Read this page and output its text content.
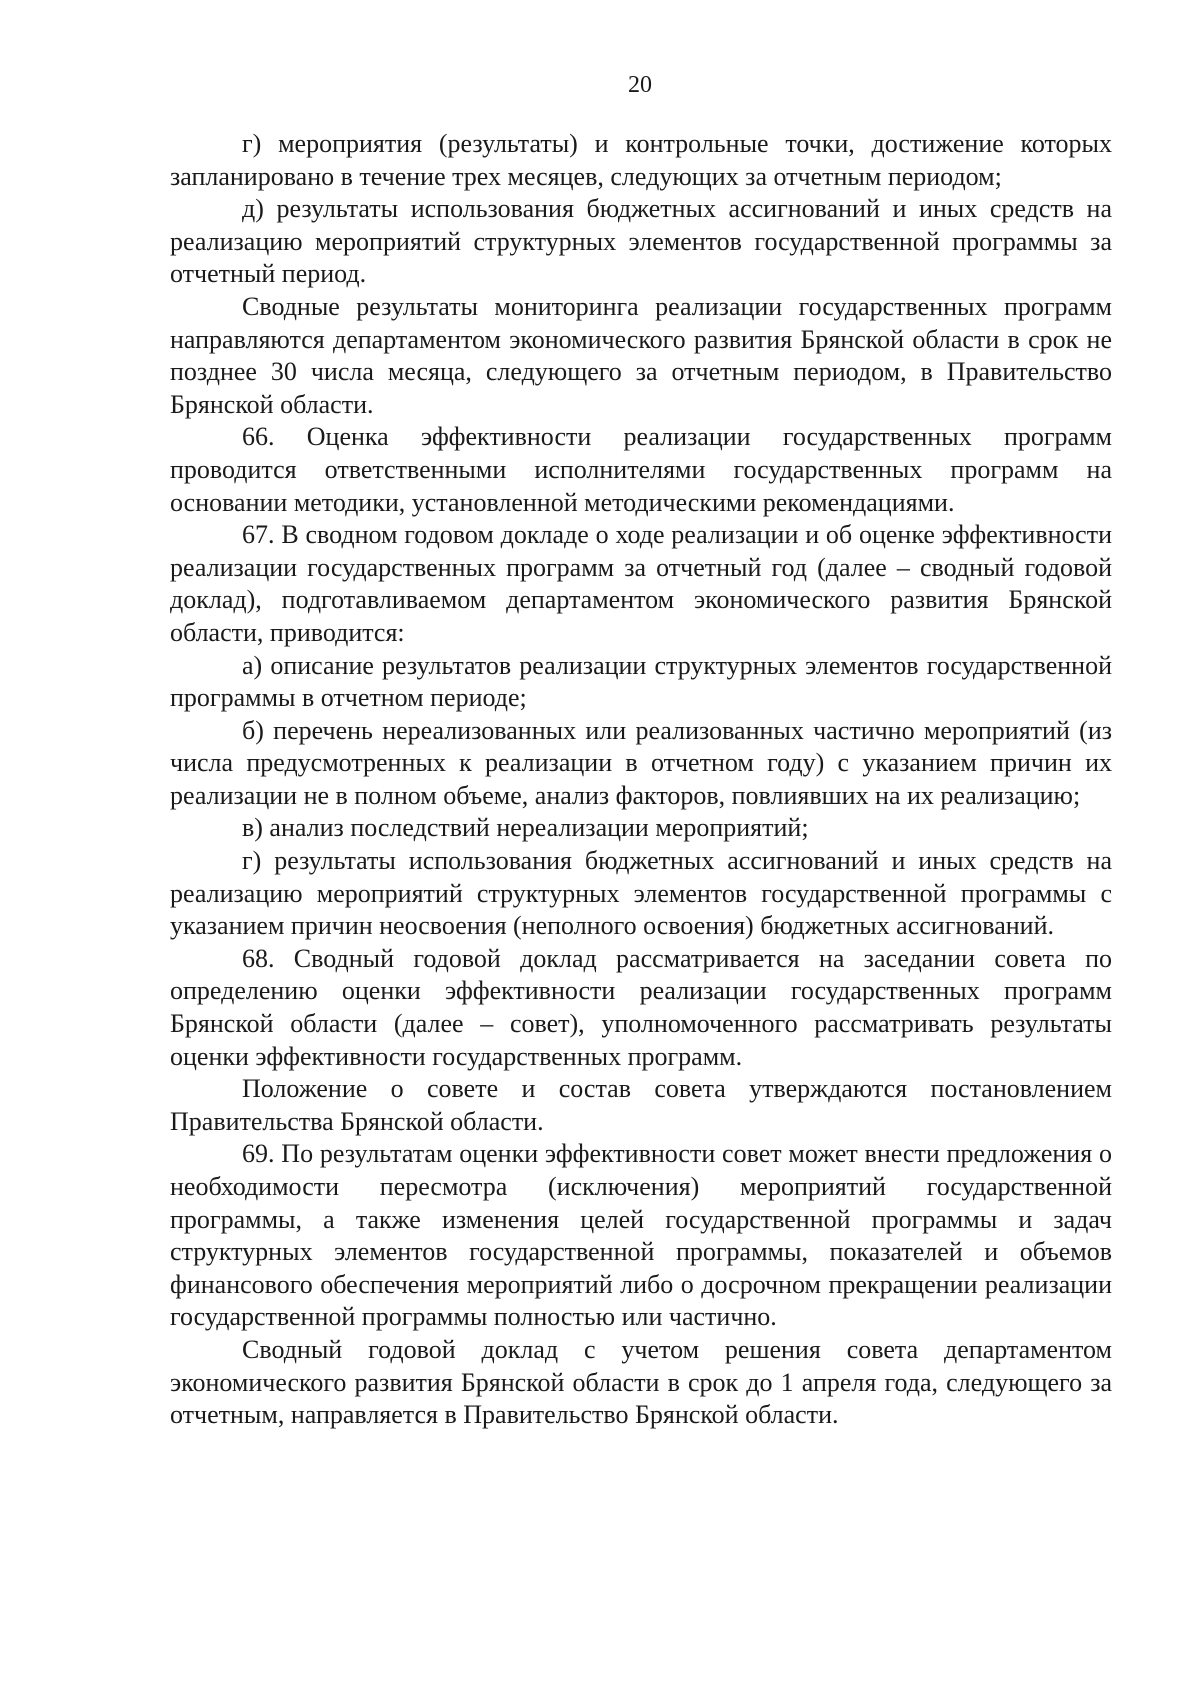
20

г) мероприятия (результаты) и контрольные точки, достижение которых запланировано в течение трех месяцев, следующих за отчетным периодом;

д) результаты использования бюджетных ассигнований и иных средств на реализацию мероприятий структурных элементов государственной программы за отчетный период.

Сводные результаты мониторинга реализации государственных программ направляются департаментом экономического развития Брянской области в срок не позднее 30 числа месяца, следующего за отчетным периодом, в Правительство Брянской области.

66. Оценка эффективности реализации государственных программ проводится ответственными исполнителями государственных программ на основании методики, установленной методическими рекомендациями.

67. В сводном годовом докладе о ходе реализации и об оценке эффективности реализации государственных программ за отчетный год (далее – сводный годовой доклад), подготавливаемом департаментом экономического развития Брянской области, приводится:

а) описание результатов реализации структурных элементов государственной программы в отчетном периоде;

б) перечень нереализованных или реализованных частично мероприятий (из числа предусмотренных к реализации в отчетном году) с указанием причин их реализации не в полном объеме, анализ факторов, повлиявших на их реализацию;

в) анализ последствий нереализации мероприятий;

г) результаты использования бюджетных ассигнований и иных средств на реализацию мероприятий структурных элементов государственной программы с указанием причин неосвоения (неполного освоения) бюджетных ассигнований.

68. Сводный годовой доклад рассматривается на заседании совета по определению оценки эффективности реализации государственных программ Брянской области (далее – совет), уполномоченного рассматривать результаты оценки эффективности государственных программ.

Положение о совете и состав совета утверждаются постановлением Правительства Брянской области.

69. По результатам оценки эффективности совет может внести предложения о необходимости пересмотра (исключения) мероприятий государственной программы, а также изменения целей государственной программы и задач структурных элементов государственной программы, показателей и объемов финансового обеспечения мероприятий либо о досрочном прекращении реализации государственной программы полностью или частично.

Сводный годовой доклад с учетом решения совета департаментом экономического развития Брянской области в срок до 1 апреля года, следующего за отчетным, направляется в Правительство Брянской области.
